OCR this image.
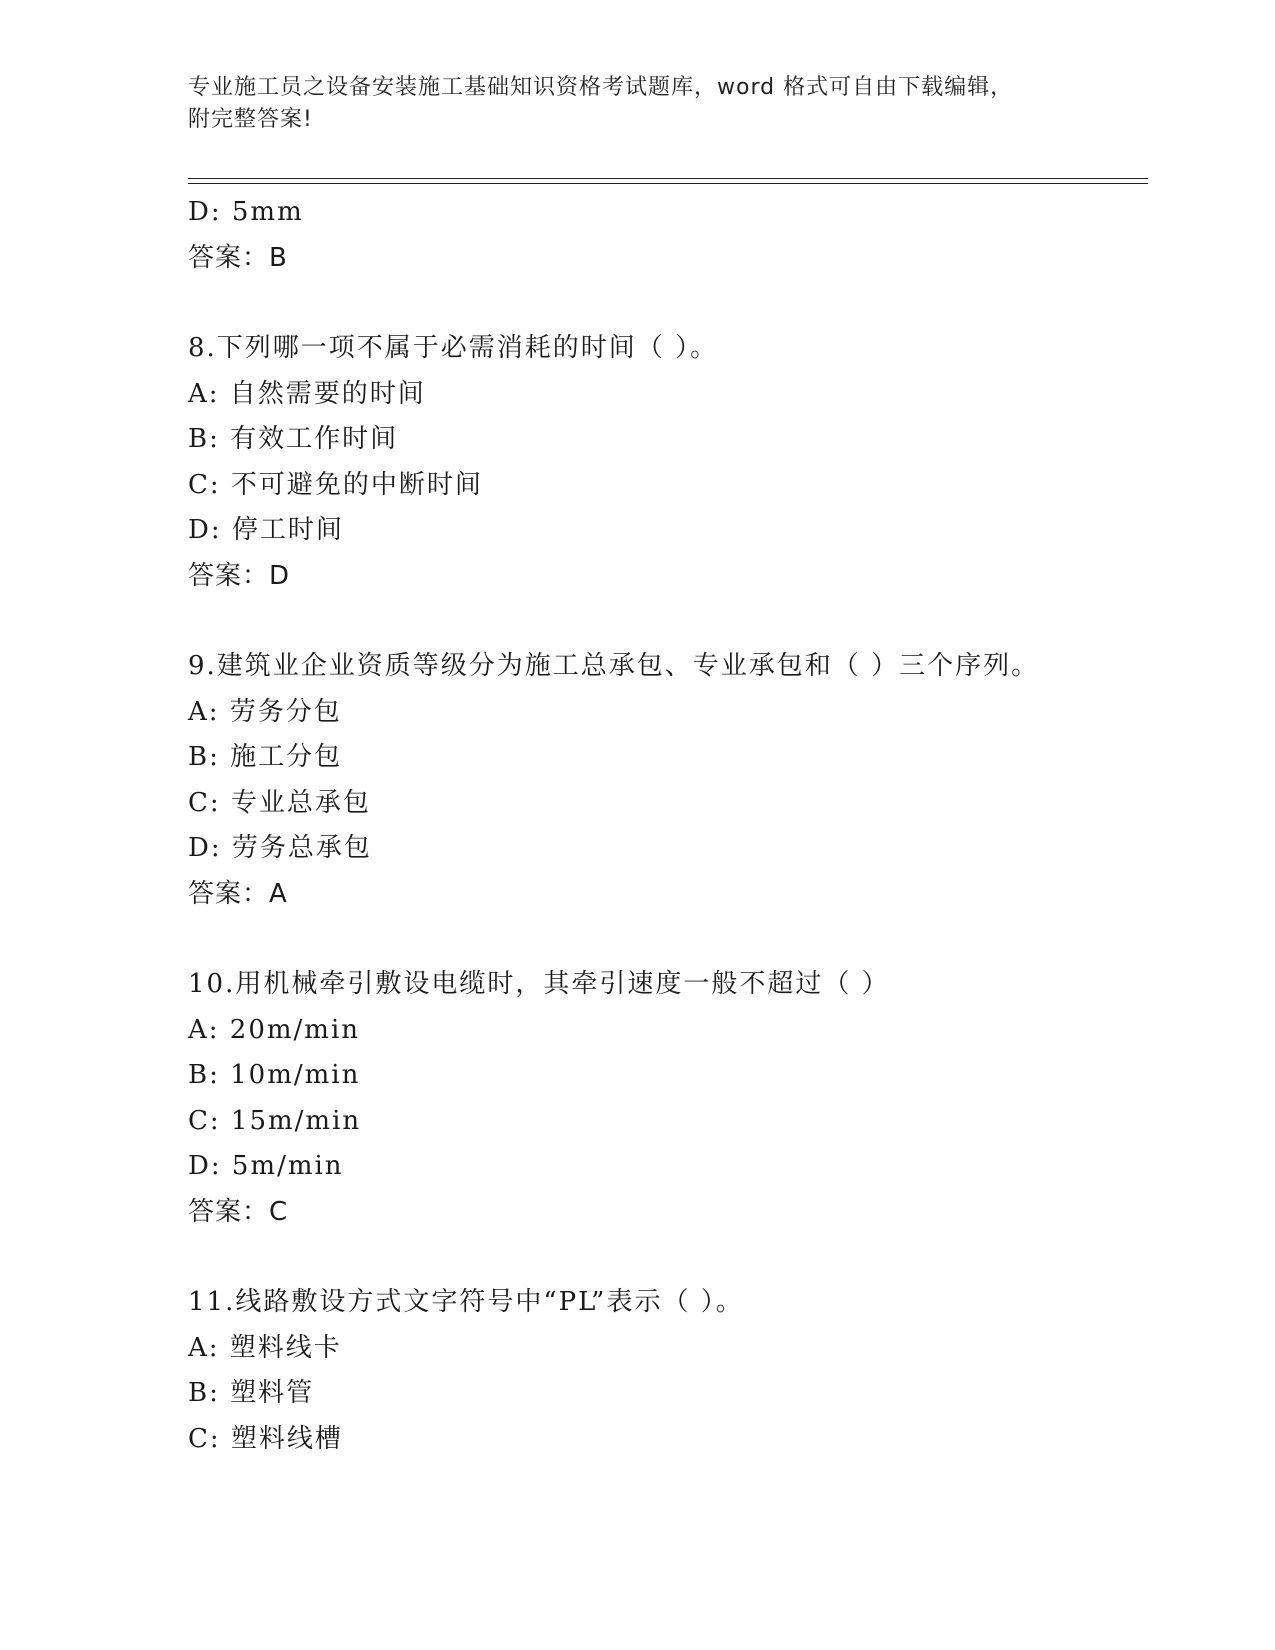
专业施工员之设备安装施工基础知识资格考试题库，word 格式可自由下载编辑，

附完整答案!

D: 5mm
答案：B
8.下列哪一项不属于必需消耗的时间（ ）。
A: 自然需要的时间
B: 有效工作时间
C: 不可避免的中断时间
D: 停工时间
答案：D
9.建筑业企业资质等级分为施工总承包、专业承包和（ ）三个序列。
A: 劳务分包
B: 施工分包
C: 专业总承包
D: 劳务总承包
答案：A
10.用机械牵引敷设电缆时，其牵引速度一般不超过（ ）
A: 20m/min
B: 10m/min
C: 15m/min
D: 5m/min
答案：C
11.线路敷设方式文字符号中“PL”表示（ ）。
A: 塑料线卡
B: 塑料管
C: 塑料线槽
